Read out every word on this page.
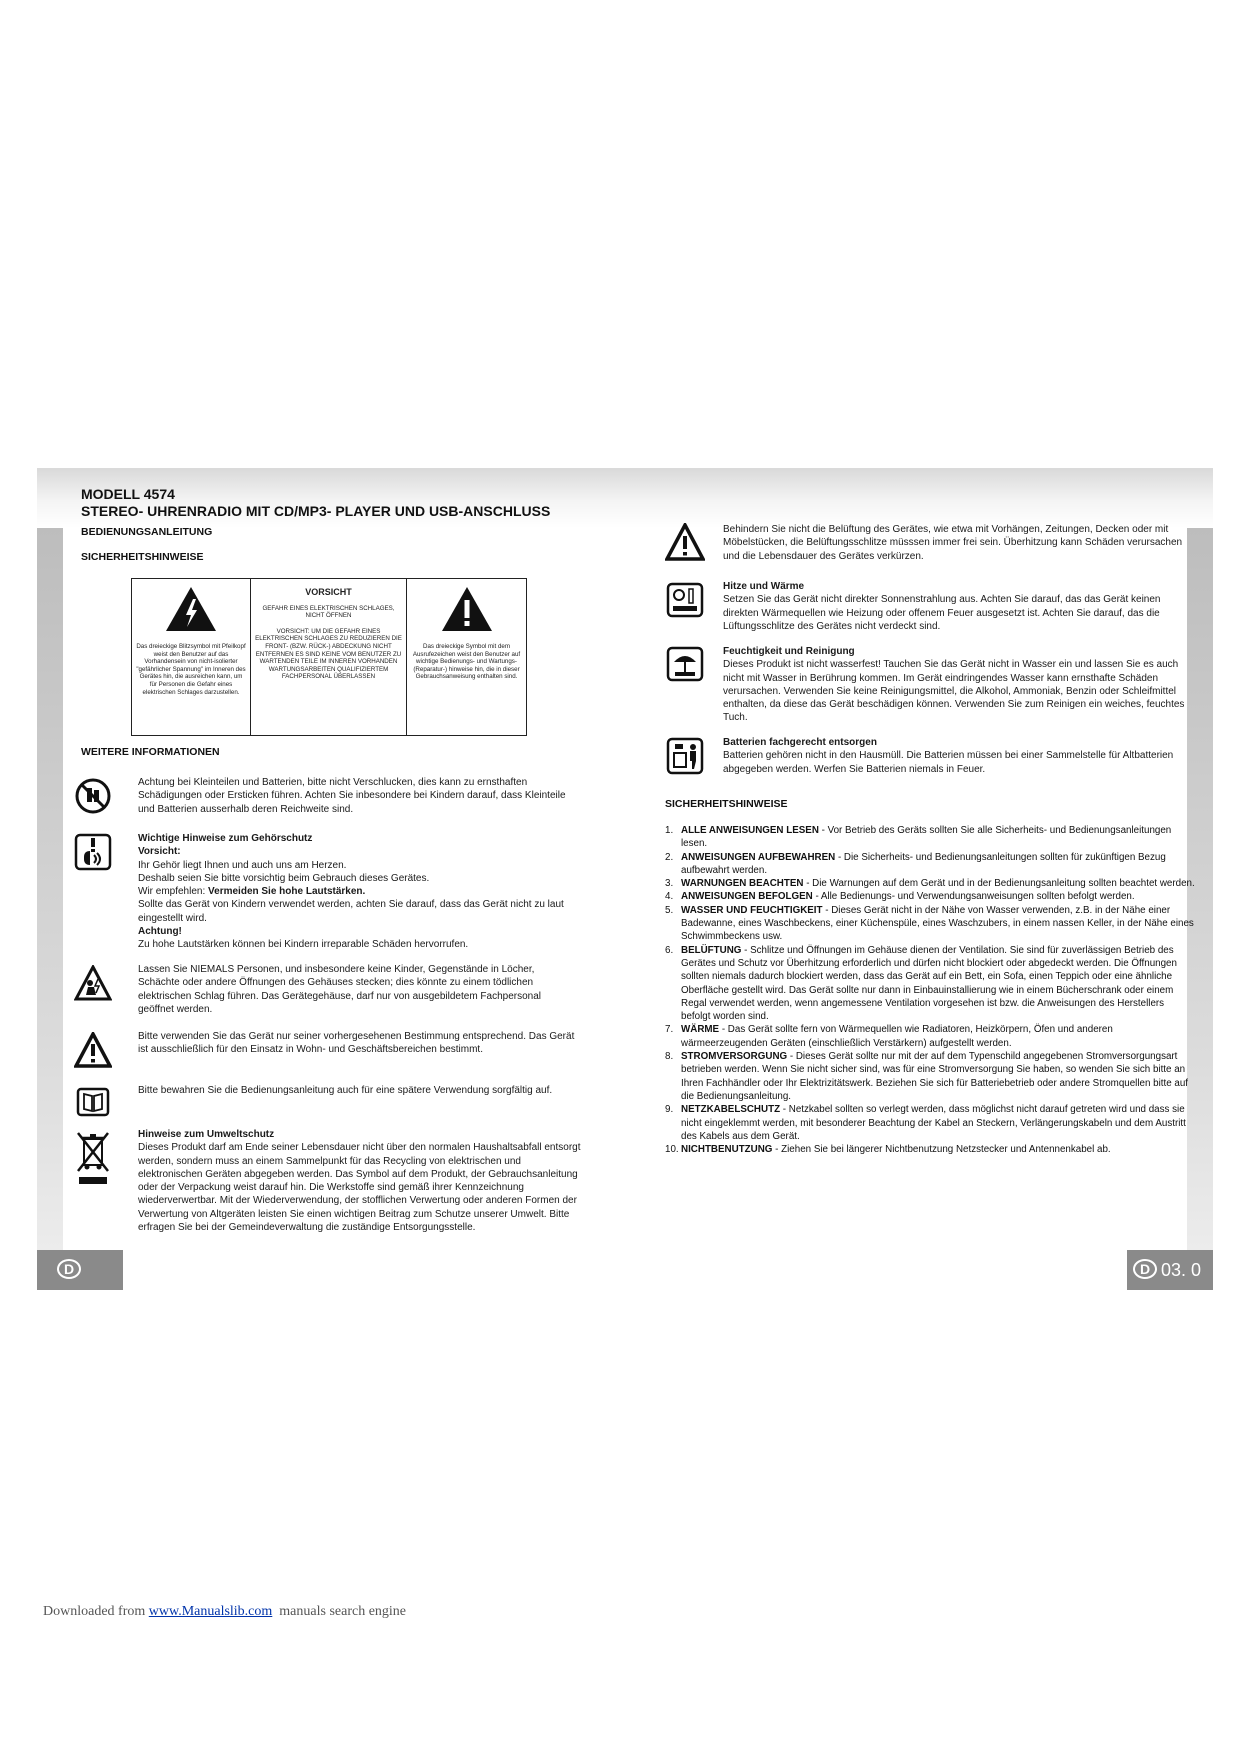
MODELL 4574
STEREO- UHRENRADIO MIT CD/MP3- PLAYER UND USB-ANSCHLUSS
BEDIENUNGSANLEITUNG
SICHERHEITSHINWEISE
Das dreieckige Blitzsymbol mit Pfeilkopf weist den Benutzer auf das Vorhandensein von nicht-isolierter "gefährlicher Spannung" im Inneren des Gerätes hin, die ausreichen kann, um für Personen die Gefahr eines elektrischen Schlages darzustellen.
VORSICHT
GEFAHR EINES ELEKTRISCHEN SCHLAGES, NICHT ÖFFNEN
VORSICHT: UM DIE GEFAHR EINES ELEKTRISCHEN SCHLAGES ZU REDUZIEREN DIE FRONT- (BZW. RÜCK-) ABDECKUNG NICHT ENTFERNEN ES SIND KEINE VOM BENUTZER ZU WARTENDEN TEILE IM INNEREN VORHANDEN WARTUNGSARBEITEN QUALIFIZIERTEM FACHPERSONAL ÜBERLASSEN
Das dreieckige Symbol mit dem Ausrufezeichen weist den Benutzer auf wichtige Bedienungs- und Wartungs- (Reparatur-) hinweise hin, die in dieser Gebrauchsanweisung enthalten sind.
WEITERE INFORMATIONEN
Achtung bei Kleinteilen und Batterien, bitte nicht Verschlucken, dies kann zu ernsthaften Schädigungen oder Ersticken führen. Achten Sie inbesondere bei Kindern darauf, dass Kleinteile und Batterien ausserhalb deren Reichweite sind.
Wichtige Hinweise zum Gehörschutz
Vorsicht:
Ihr Gehör liegt Ihnen und auch uns am Herzen.
Deshalb seien Sie bitte vorsichtig beim Gebrauch dieses Gerätes.
Wir empfehlen: Vermeiden Sie hohe Lautstärken.
Sollte das Gerät von Kindern verwendet werden, achten Sie darauf, dass das Gerät nicht zu laut eingestellt wird.
Achtung!
Zu hohe Lautstärken können bei Kindern irreparable Schäden hervorrufen.
Lassen Sie NIEMALS Personen, und insbesondere keine Kinder, Gegenstände in Löcher, Schächte oder andere Öffnungen des Gehäuses stecken; dies könnte zu einem tödlichen elektrischen Schlag führen. Das Gerätegehäuse, darf nur von ausgebildetem Fachpersonal geöffnet werden.
Bitte verwenden Sie das Gerät nur seiner vorhergesehenen Bestimmung entsprechend. Das Gerät ist ausschließlich für den Einsatz in Wohn- und Geschäftsbereichen bestimmt.
Bitte bewahren Sie die Bedienungsanleitung auch für eine spätere Verwendung sorgfältig auf.
Hinweise zum Umweltschutz
Dieses Produkt darf am Ende seiner Lebensdauer nicht über den normalen Haushaltsabfall entsorgt werden, sondern muss an einem Sammelpunkt für das Recycling von elektrischen und elektronischen Geräten abgegeben werden. Das Symbol auf dem Produkt, der Gebrauchsanleitung oder der Verpackung weist darauf hin. Die Werkstoffe sind gemäß ihrer Kennzeichnung wiederverwertbar. Mit der Wiederverwendung, der stofflichen Verwertung oder anderen Formen der Verwertung von Altgeräten leisten Sie einen wichtigen Beitrag zum Schutze unserer Umwelt. Bitte erfragen Sie bei der Gemeindeverwaltung die zuständige Entsorgungsstelle.
Behindern Sie nicht die Belüftung des Gerätes, wie etwa mit Vorhängen, Zeitungen, Decken oder mit Möbelstücken, die Belüftungsschlitze müsssen immer frei sein. Überhitzung kann Schäden verursachen und die Lebensdauer des Gerätes verkürzen.
Hitze und Wärme
Setzen Sie das Gerät nicht direkter Sonnenstrahlung aus. Achten Sie darauf, das das Gerät keinen direkten Wärmequellen wie Heizung oder offenem Feuer ausgesetzt ist. Achten Sie darauf, das die Lüftungsschlitze des Gerätes nicht verdeckt sind.
Feuchtigkeit und Reinigung
Dieses Produkt ist nicht wasserfest! Tauchen Sie das Gerät nicht in Wasser ein und lassen Sie es auch nicht mit Wasser in Berührung kommen. Im Gerät eindringendes Wasser kann ernsthafte Schäden verursachen. Verwenden Sie keine Reinigungsmittel, die Alkohol, Ammoniak, Benzin oder Schleifmittel enthalten, da diese das Gerät beschädigen können. Verwenden Sie zum Reinigen ein weiches, feuchtes Tuch.
Batterien fachgerecht entsorgen
Batterien gehören nicht in den Hausmüll. Die Batterien müssen bei einer Sammelstelle für Altbatterien abgegeben werden. Werfen Sie Batterien niemals in Feuer.
SICHERHEITSHINWEISE
1. ALLE ANWEISUNGEN LESEN - Vor Betrieb des Geräts sollten Sie alle Sicherheits- und Bedienungsanleitungen lesen.
2. ANWEISUNGEN AUFBEWAHREN - Die Sicherheits- und Bedienungsanleitungen sollten für zukünftigen Bezug aufbewahrt werden.
3. WARNUNGEN BEACHTEN - Die Warnungen auf dem Gerät und in der Bedienungsanleitung sollten beachtet werden.
4. ANWEISUNGEN BEFOLGEN - Alle Bedienungs- und Verwendungsanweisungen sollten befolgt werden.
5. WASSER UND FEUCHTIGKEIT - Dieses Gerät nicht in der Nähe von Wasser verwenden, z.B. in der Nähe einer Badewanne, eines Waschbeckens, einer Küchenspüle, eines Waschzubers, in einem nassen Keller, in der Nähe eines Schwimmbeckens usw.
6. BELÜFTUNG - Schlitze und Öffnungen im Gehäuse dienen der Ventilation. Sie sind für zuverlässigen Betrieb des Gerätes und Schutz vor Überhitzung erforderlich und dürfen nicht blockiert oder abgedeckt werden. Die Öffnungen sollten niemals dadurch blockiert werden, dass das Gerät auf ein Bett, ein Sofa, einen Teppich oder eine ähnliche Oberfläche gestellt wird. Das Gerät sollte nur dann in Einbauinstallierung wie in einem Bücherschrank oder einem Regal verwendet werden, wenn angemessene Ventilation vorgesehen ist bzw. die Anweisungen des Herstellers befolgt worden sind.
7. WÄRME - Das Gerät sollte fern von Wärmequellen wie Radiatoren, Heizkörpern, Öfen und anderen wärmeerzeugenden Geräten (einschließlich Verstärkern) aufgestellt werden.
8. STROMVERSORGUNG - Dieses Gerät sollte nur mit der auf dem Typenschild angegebenen Stromversorgungsart betrieben werden. Wenn Sie nicht sicher sind, was für eine Stromversorgung Sie haben, so wenden Sie sich bitte an Ihren Fachhändler oder Ihr Elektrizitätswerk. Beziehen Sie sich für Batteriebetrieb oder andere Stromquellen bitte auf die Bedienungsanleitung.
9. NETZKABELSCHUTZ - Netzkabel sollten so verlegt werden, dass möglichst nicht darauf getreten wird und dass sie nicht eingeklemmt werden, mit besonderer Beachtung der Kabel an Steckern, Verlängerungskabeln und dem Austritt des Kabels aus dem Gerät.
10. NICHTBENUTZUNG - Ziehen Sie bei längerer Nichtbenutzung Netzstecker und Antennenkabel ab.
D	D 03. 0
Downloaded from www.Manualslib.com  manuals search engine
